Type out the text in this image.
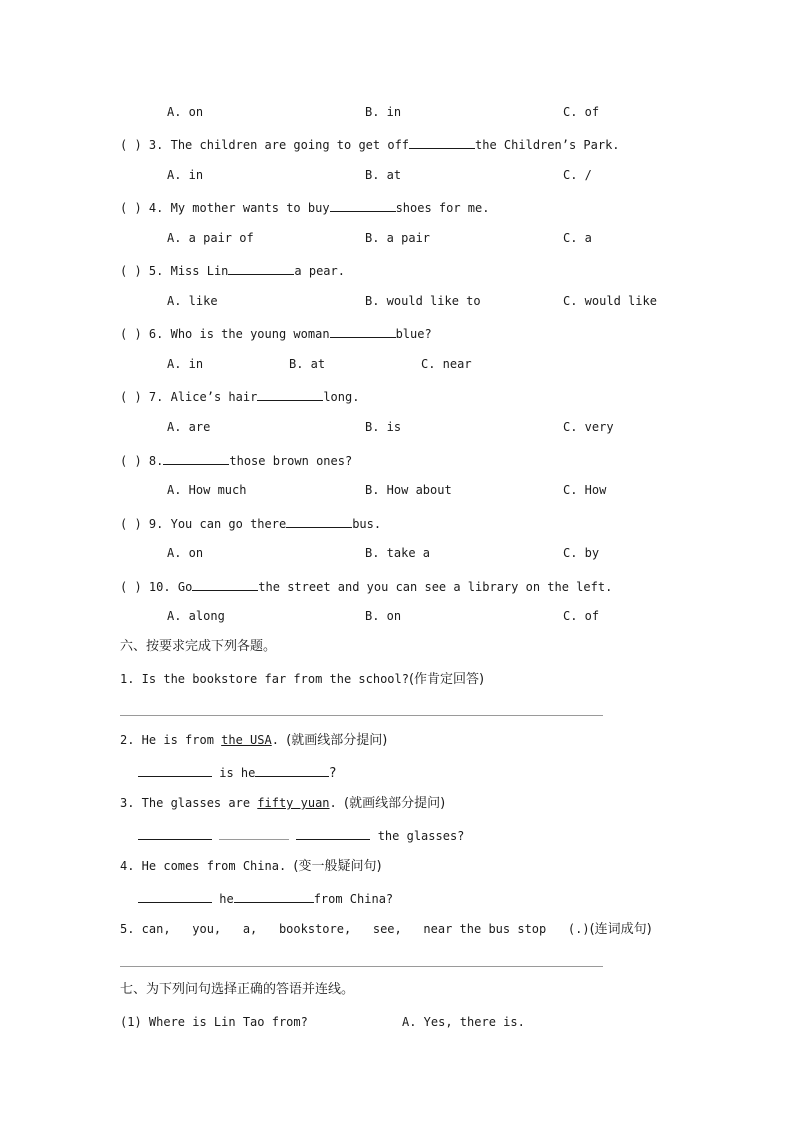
A. on	B. in	C. of
( ) 3. The children are going to get off	the Children’s Park.
A. in	B. at	C. /
( ) 4. My mother wants to buy	shoes for me.
A. a pair of	B. a pair	C. a
( ) 5. Miss Lin	a pear.
A. like	B. would like to	C. would like
( ) 6. Who is the young woman	blue?
A. in	B. at	C. near
( ) 7. Alice’s hair	long.
A. are	B. is	C. very
( ) 8.	those brown ones?
A. How much	B. How about	C. How
( ) 9. You can go there	bus.
A. on	B. take a	C. by
( ) 10. Go	the street and you can see a library on the left.
A. along	B. on	C. of
六、按要求完成下列各题。
1. Is the bookstore far from the school?(作肯定回答)
2. He is from the USA. (就画线部分提问)
is he	?
3. The glasses are fifty yuan. (就画线部分提问)
the glasses?
4. He comes from China. (变一般疑问句)
he	from China?
5. can,   you,   a,   bookstore,   see,   near the bus stop   (.)(连词成句)
七、为下列问句选择正确的答语并连线。
(1) Where is Lin Tao from?	A. Yes, there is.
